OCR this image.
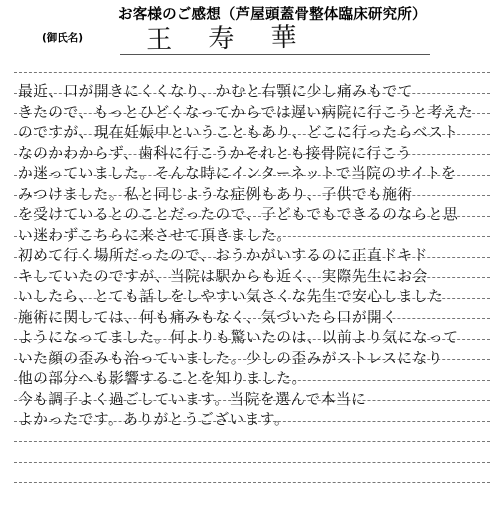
お客様のご感想（芦屋頭蓋骨整体臨床研究所）
(御氏名) 王 寿 華
最近、口が開きにくくなり、かむと右顎に少し痛みもでて
きたので、もっとひどくなってからでは遅い病院に行こうと考えた
のですが、現在妊娠中ということもあり、どこに行ったらベスト
なのかわからず、歯科に行こうかそれとも接骨院に行こう
か迷っていました。そんな時にインターネットで当院のサイトを
みつけました。私と同じような症例もあり、子供でも施術
を受けているとのことだったので、子どもでもできるのならと思
い迷わずこちらに来させて頂きました。
初めて行く場所だったので、おうかがいするのに正直ドキド
キしていたのですが、当院は駅からも近く、実際先生にお会
いしたら、とても話しをしやすい気さくな先生で安心しました
施術に関しては、何も痛みもなく、気づいたら口が開く
ようになってました。何よりも驚いたのは、以前より気になって
いた顔の歪みも治っていました。少しの歪みがストレスになり
他の部分へも影響することを知りました。
今も調子よく過ごしています。当院を選んで本当に
よかったです。ありがとうございます。
